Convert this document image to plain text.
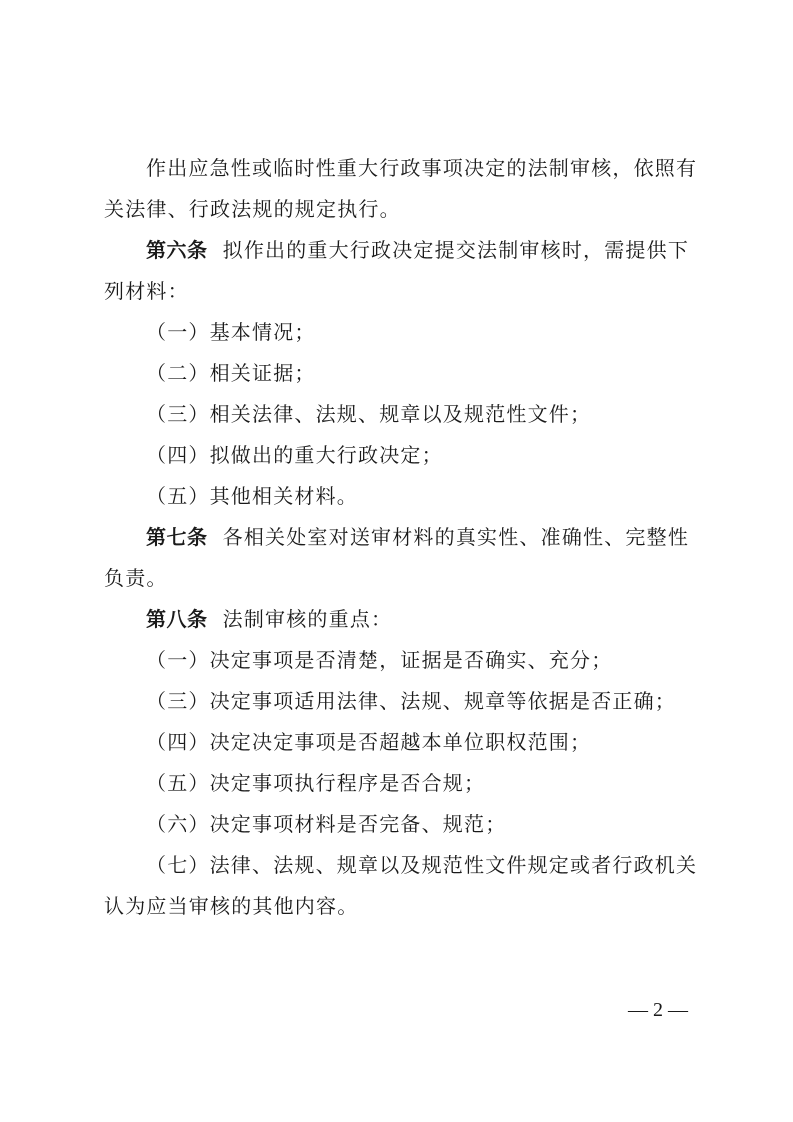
作出应急性或临时性重大行政事项决定的法制审核，依照有
关法律、行政法规的规定执行。
第六条 拟作出的重大行政决定提交法制审核时，需提供下
列材料：
（一）基本情况；
（二）相关证据；
（三）相关法律、法规、规章以及规范性文件；
（四）拟做出的重大行政决定；
（五）其他相关材料。
第七条 各相关处室对送审材料的真实性、准确性、完整性
负责。
第八条 法制审核的重点：
（一）决定事项是否清楚，证据是否确实、充分；
（三）决定事项适用法律、法规、规章等依据是否正确；
（四）决定决定事项是否超越本单位职权范围；
（五）决定事项执行程序是否合规；
（六）决定事项材料是否完备、规范；
（七）法律、法规、规章以及规范性文件规定或者行政机关
认为应当审核的其他内容。
— 2 —
